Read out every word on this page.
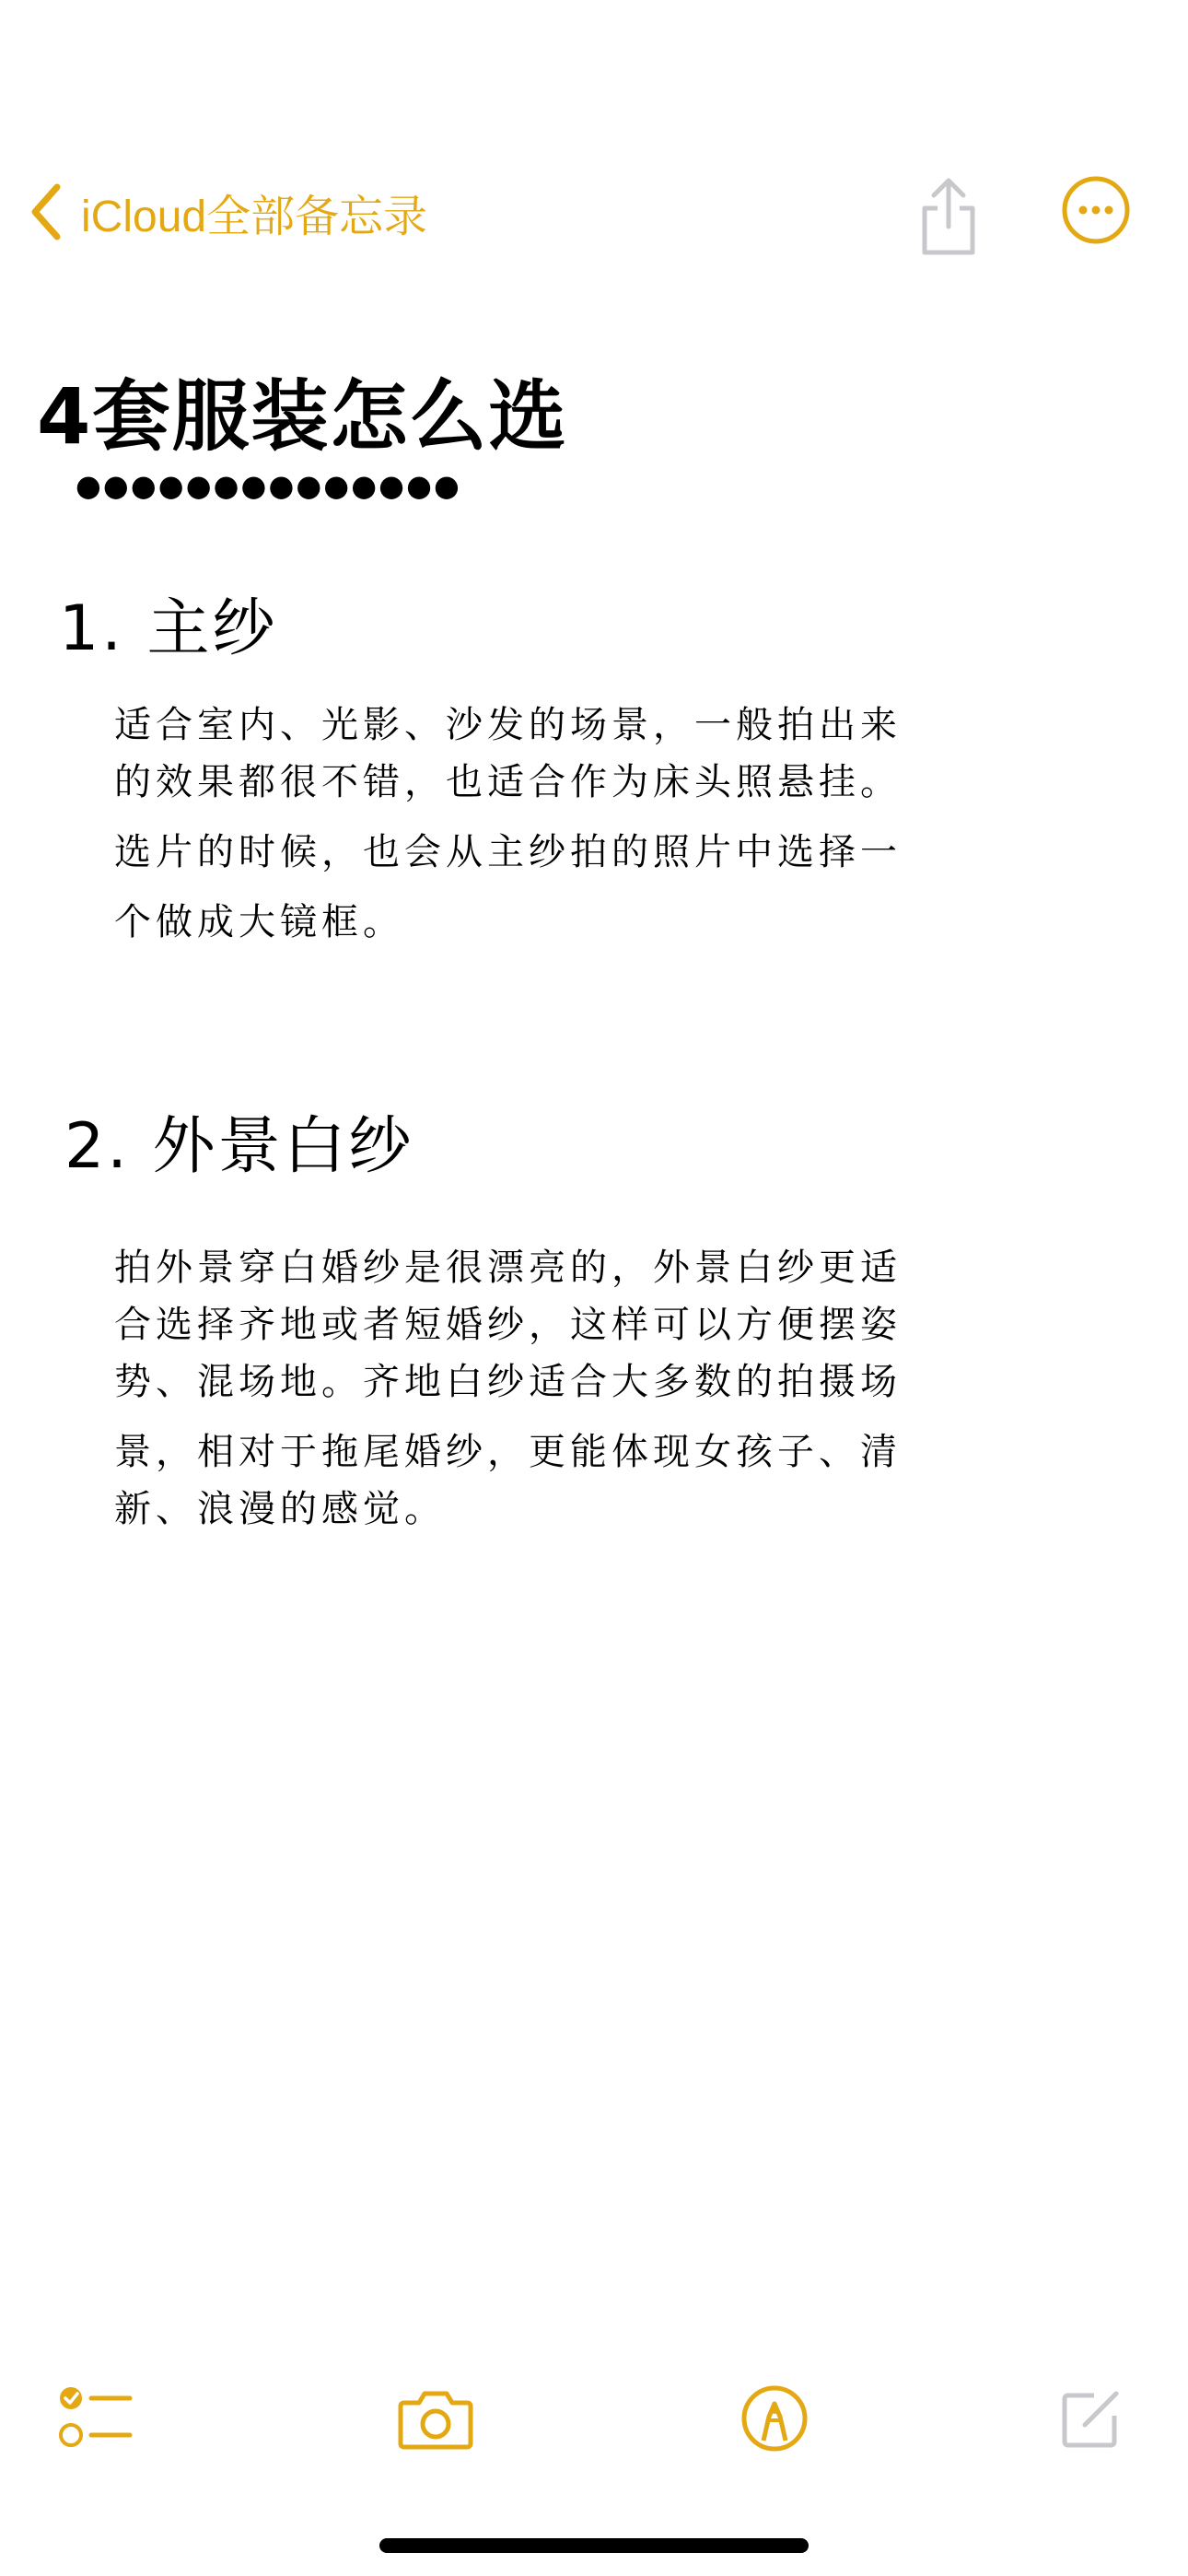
iCloud全部备忘录
4套服装怎么选
●●●●●●●●●●●●●●
1. 主纱
适合室内、光影、沙发的场景，一般拍出来
的效果都很不错，也适合作为床头照悬挂。
选片的时候，也会从主纱拍的照片中选择一
个做成大镜框。
2. 外景白纱
拍外景穿白婚纱是很漂亮的，外景白纱更适
合选择齐地或者短婚纱，这样可以方便摆姿
势、混场地。齐地白纱适合大多数的拍摄场
景，相对于拖尾婚纱，更能体现女孩子、清
新、浪漫的感觉。
